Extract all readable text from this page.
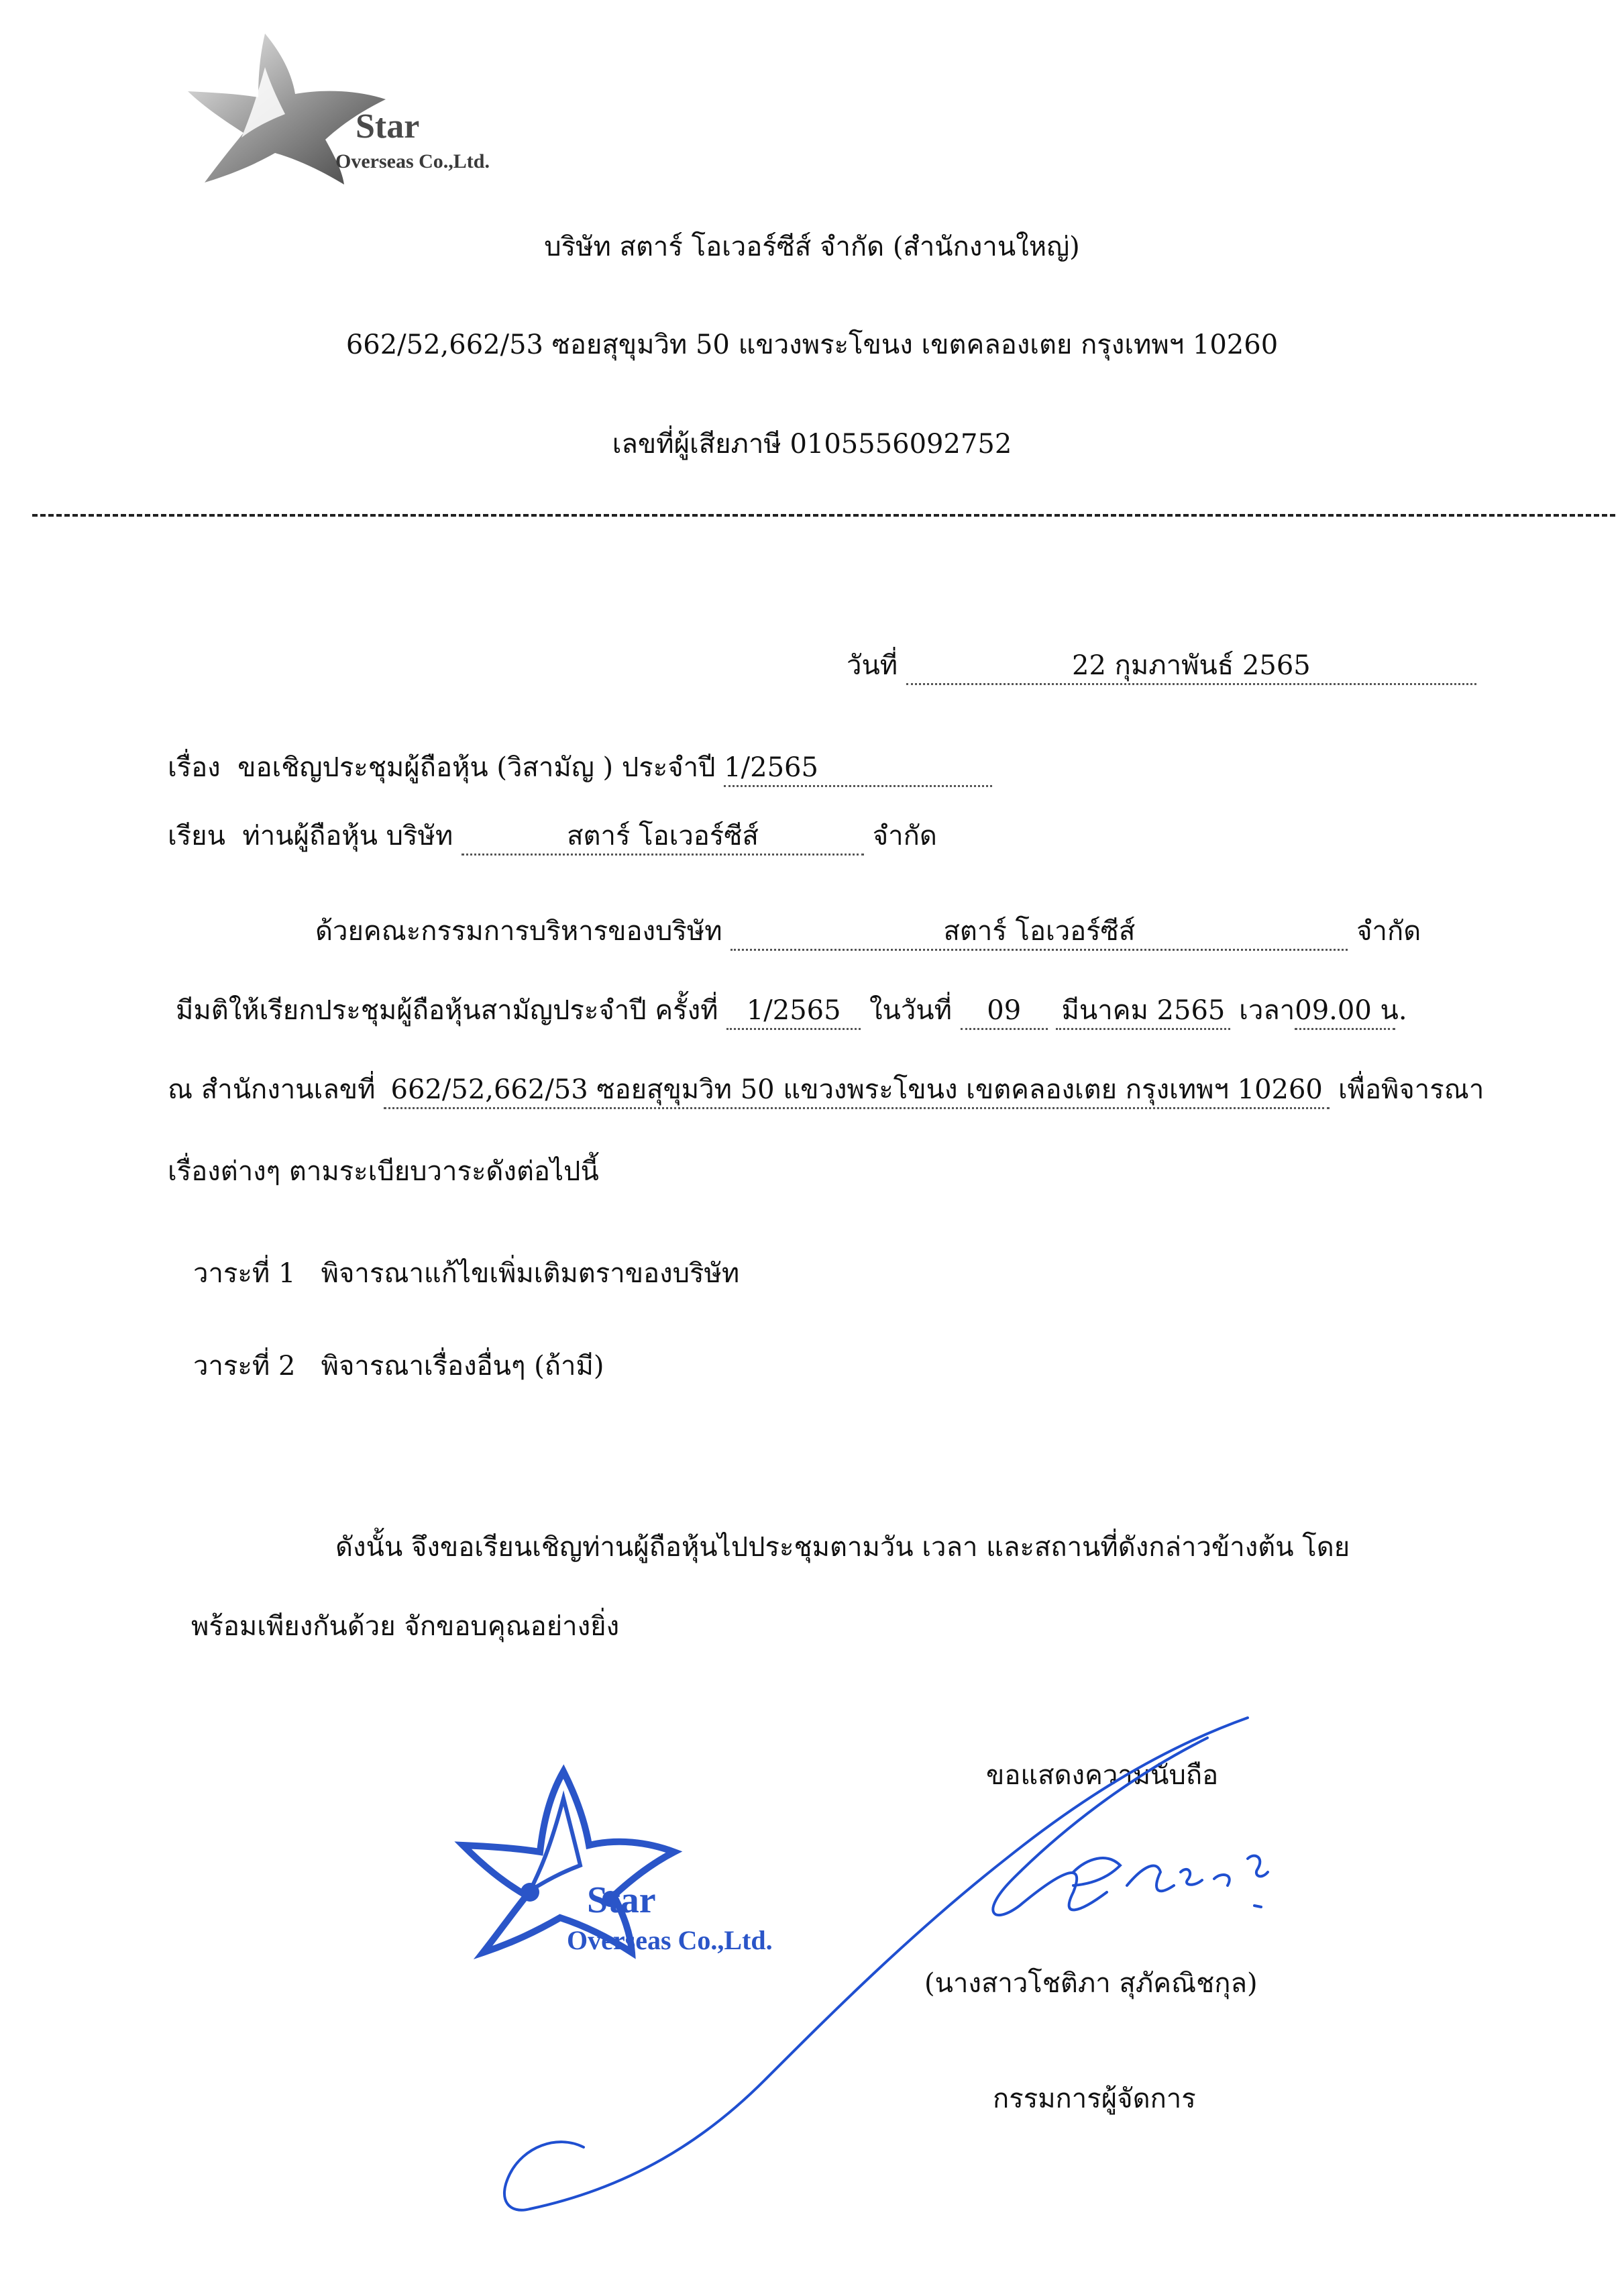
Star
Overseas Co.,Ltd.
บริษัท สตาร์ โอเวอร์ซีส์ จำกัด (สำนักงานใหญ่)
662/52,662/53 ซอยสุขุมวิท 50 แขวงพระโขนง เขตคลองเตย กรุงเทพฯ 10260
เลขที่ผู้เสียภาษี 0105556092752
วันที่	22 กุมภาพันธ์ 2565
เรื่อง ขอเชิญประชุมผู้ถือหุ้น (วิสามัญ ) ประจำปี 1/2565
เรียน ท่านผู้ถือหุ้น บริษัท	สตาร์ โอเวอร์ซีส์	จำกัด
ด้วยคณะกรรมการบริหารของบริษัท	สตาร์ โอเวอร์ซีส์	จำกัด
มีมติให้เรียกประชุมผู้ถือหุ้นสามัญประจำปี ครั้งที่ 1/2565 ในวันที่ 09 มีนาคม 2565 เวลา09.00 น.
ณ สำนักงานเลขที่ 662/52,662/53 ซอยสุขุมวิท 50 แขวงพระโขนง เขตคลองเตย กรุงเทพฯ 10260 เพื่อพิจารณา
เรื่องต่างๆ ตามระเบียบวาระดังต่อไปนี้
วาระที่ 1 พิจารณาแก้ไขเพิ่มเติมตราของบริษัท
วาระที่ 2 พิจารณาเรื่องอื่นๆ (ถ้ามี)
ดังนั้น จึงขอเรียนเชิญท่านผู้ถือหุ้นไปประชุมตามวัน เวลา และสถานที่ดังกล่าวข้างต้น โดย
พร้อมเพียงกันด้วย จักขอบคุณอย่างยิ่ง
ขอแสดงความนับถือ
Star
Overseas Co.,Ltd.
(นางสาวโชติภา สุภัคณิชกุล)
กรรมการผู้จัดการ
